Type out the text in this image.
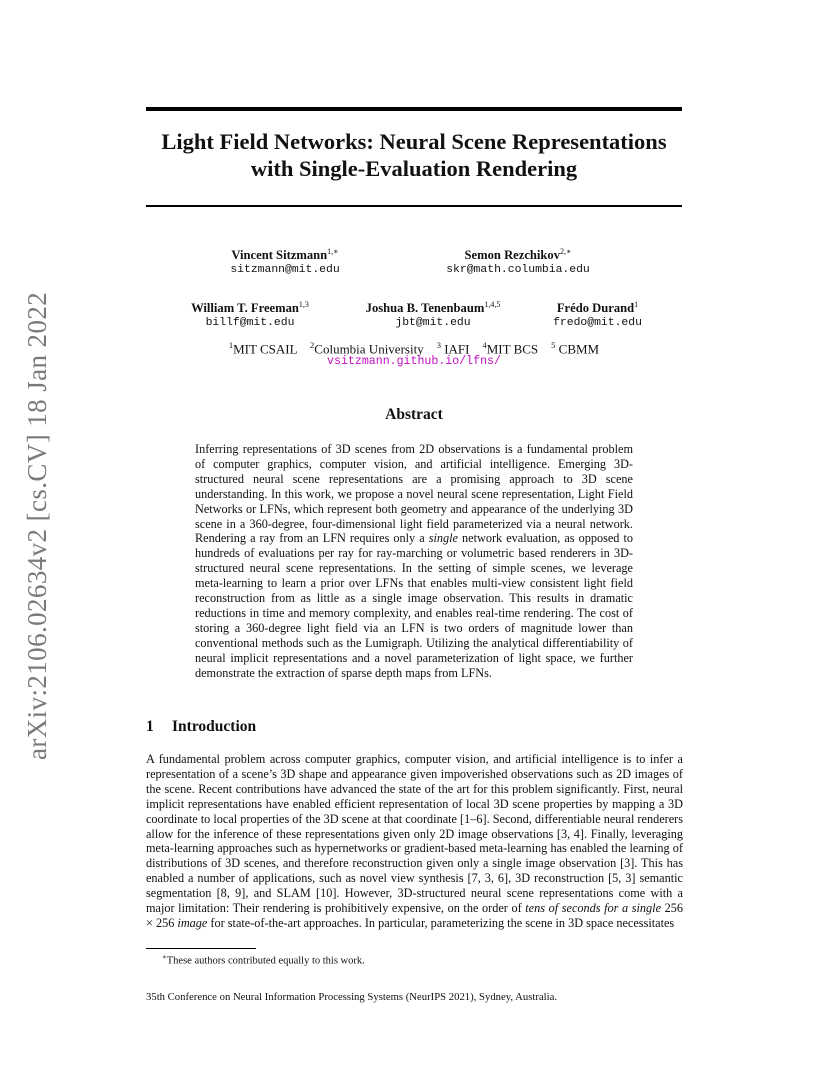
arXiv:2106.02634v2 [cs.CV] 18 Jan 2022
Light Field Networks: Neural Scene Representations
with Single-Evaluation Rendering
Vincent Sitzmann$^{1,∗}$
sitzmann@mit.edu
Semon Rezchikov$^{2,∗}$
skr@math.columbia.edu
William T. Freeman$^{1,3}$
billf@mit.edu
Joshua B. Tenenbaum$^{1,4,5}$
jbt@mit.edu
Frédo Durand$^1$
fredo@mit.edu
$^1$MIT CSAIL $^2$Columbia University $^3$ IAFI $^4$MIT BCS $^5$ CBMM
vsitzmann.github.io/lfns/
Abstract
Inferring representations of 3D scenes from 2D observations is a fundamental problem of computer graphics, computer vision, and artificial intelligence. Emerging 3D-structured neural scene representations are a promising approach to 3D scene understanding. In this work, we propose a novel neural scene representation, Light Field Networks or LFNs, which represent both geometry and appearance of the underlying 3D scene in a 360-degree, four-dimensional light field parameterized via a neural network. Rendering a ray from an LFN requires only a single network evaluation, as opposed to hundreds of evaluations per ray for ray-marching or volumetric based renderers in 3D-structured neural scene representations. In the setting of simple scenes, we leverage meta-learning to learn a prior over LFNs that enables multi-view consistent light field reconstruction from as little as a single image observation. This results in dramatic reductions in time and memory complexity, and enables real-time rendering. The cost of storing a 360-degree light field via an LFN is two orders of magnitude lower than conventional methods such as the Lumigraph. Utilizing the analytical differentiability of neural implicit representations and a novel parameterization of light space, we further demonstrate the extraction of sparse depth maps from LFNs.
1 Introduction
A fundamental problem across computer graphics, computer vision, and artificial intelligence is to infer a representation of a scene’s 3D shape and appearance given impoverished observations such as 2D images of the scene. Recent contributions have advanced the state of the art for this problem significantly. First, neural implicit representations have enabled efficient representation of local 3D scene properties by mapping a 3D coordinate to local properties of the 3D scene at that coordinate [1–6]. Second, differentiable neural renderers allow for the inference of these representations given only 2D image observations [3, 4]. Finally, leveraging meta-learning approaches such as hypernetworks or gradient-based meta-learning has enabled the learning of distributions of 3D scenes, and therefore reconstruction given only a single image observation [3]. This has enabled a number of applications, such as novel view synthesis [7, 3, 6], 3D reconstruction [5, 3] semantic segmentation [8, 9], and SLAM [10]. However, 3D-structured neural scene representations come with a major limitation: Their rendering is prohibitively expensive, on the order of tens of seconds for a single 256 × 256 image for state-of-the-art approaches. In particular, parameterizing the scene in 3D space necessitates
∗These authors contributed equally to this work.
35th Conference on Neural Information Processing Systems (NeurIPS 2021), Sydney, Australia.
